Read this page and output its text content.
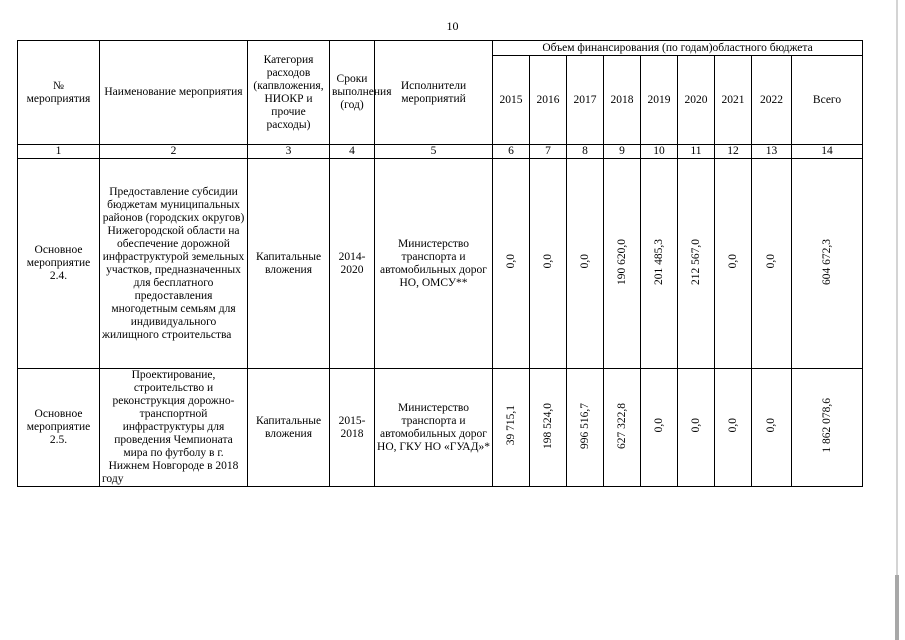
10
№ мероприятия	Наименование мероприятия	Категория расходов (капвложения, НИОКР и прочие расходы)	Сроки выполнения (год)	Исполнители мероприятий	Объем финансирования (по годам)областного бюджета								
					2015	2016	2017	2018	2019	2020	2021	2022	Всего
1	2	3	4	5	6	7	8	9	10	11	12	13	14
Основное мероприятие 2.4.	Предоставление субсидии бюджетам муниципальных районов (городских округов) Нижегородской области на обеспечение дорожной инфраструктурой земельных участков, предназначенных для бесплатного предоставления многодетным семьям для индивидуального жилищного строительства	Капитальные вложения	2014-2020	Министерство транспорта и автомобильных дорог НО, ОМСУ**	0,0	0,0	0,0	190 620,0	201 485,3	212 567,0	0,0	0,0	604 672,3
Основное мероприятие 2.5.	Проектирование, строительство и реконструкция дорожно-транспортной инфраструктуры для проведения Чемпионата мира по футболу в г. Нижнем Новгороде в 2018 году	Капитальные вложения	2015-2018	Министерство транспорта и автомобильных дорог НО, ГКУ НО «ГУАД»*	39 715,1	198 524,0	996 516,7	627 322,8	0,0	0,0	0,0	0,0	1 862 078,6
